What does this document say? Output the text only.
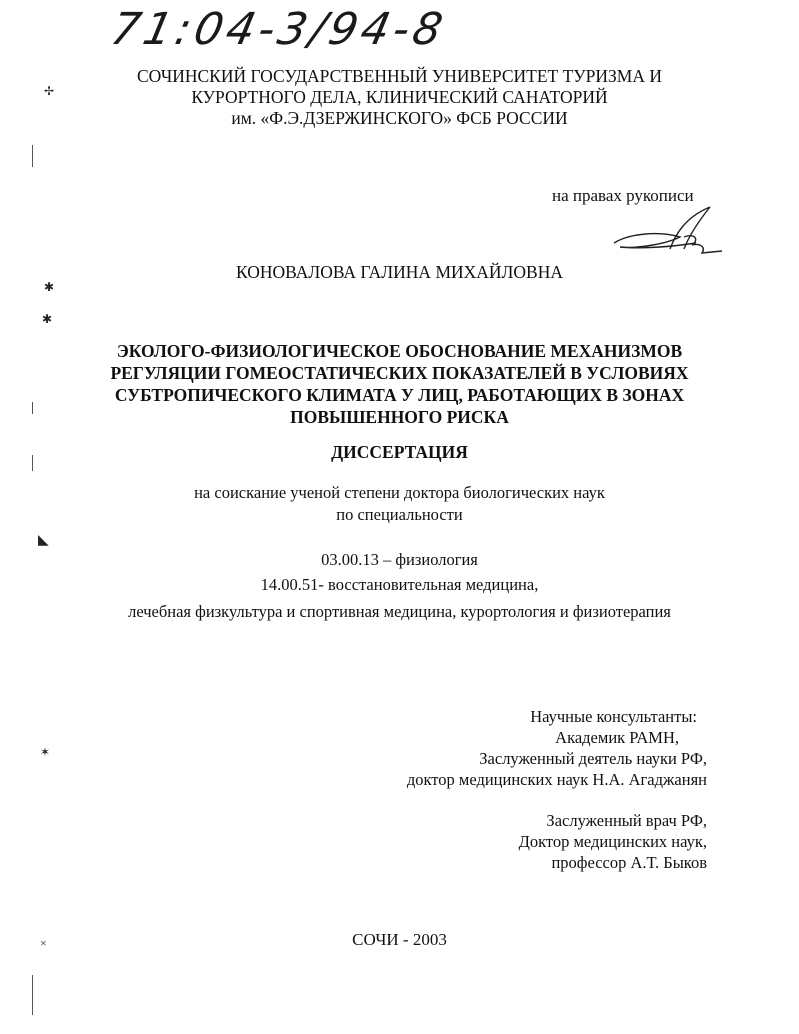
71:04-3/94-8
СОЧИНСКИЙ ГОСУДАРСТВЕННЫЙ УНИВЕРСИТЕТ ТУРИЗМА И
КУРОРТНОГО ДЕЛА, КЛИНИЧЕСКИЙ САНАТОРИЙ
им. «Ф.Э.ДЗЕРЖИНСКОГО» ФСБ РОССИИ
на правах рукописи
КОНОВАЛОВА ГАЛИНА МИХАЙЛОВНА
ЭКОЛОГО-ФИЗИОЛОГИЧЕСКОЕ ОБОСНОВАНИЕ МЕХАНИЗМОВ
РЕГУЛЯЦИИ ГОМЕОСТАТИЧЕСКИХ ПОКАЗАТЕЛЕЙ В УСЛОВИЯХ
СУБТРОПИЧЕСКОГО КЛИМАТА У ЛИЦ, РАБОТАЮЩИХ В ЗОНАХ
ПОВЫШЕННОГО РИСКА
ДИССЕРТАЦИЯ
на соискание ученой степени доктора биологических наук
по специальности
03.00.13 – физиология
14.00.51- восстановительная медицина,
лечебная физкультура и спортивная медицина, курортология и физиотерапия
Научные консультанты:
Академик РАМН,
Заслуженный деятель науки РФ,
доктор медицинских наук Н.А. Агаджанян
Заслуженный врач РФ,
Доктор медицинских наук,
профессор А.Т. Быков
СОЧИ - 2003
✢
✱
✱
◣
✶
×
